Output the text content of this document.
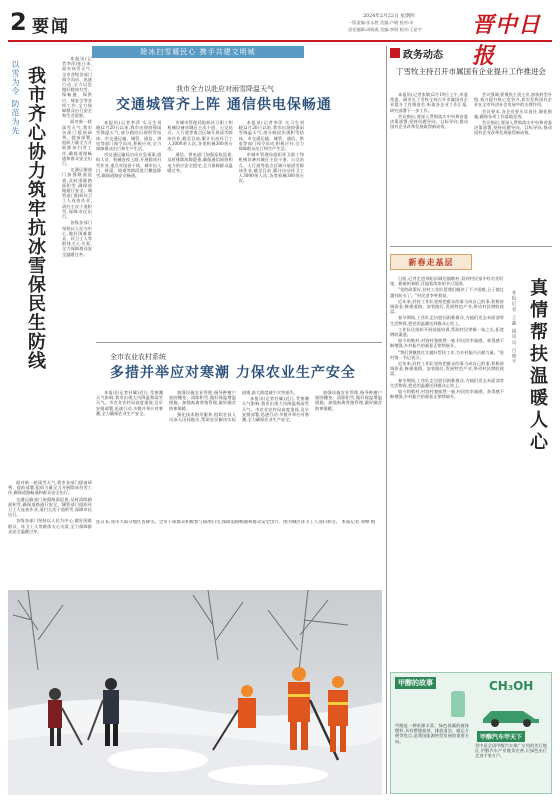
2 要闻
2024年2月22日 星期四
一版责编:张永胜 美编:卢晓 校对:宋
责任编辑:周晓燕 美编:李明 校对:王星宇 晋中日报
除冰扫雪暖民心 携手共建文明城
以雪为令 防范为先 我市齐心协力筑牢抗冰雪保民生防线

本报讯(记者李萍)连日来,面对冰雪天气,全市各级各部门闻令而动、迅速行动,全力以赴做好除冰扫雪、保畅通、保供应、保安全等各项工作,全力保障群众出行安全和生活需要。

面对新一轮雨雪天气,我市各部门提前研判、提前部署,组织力量全力开展除冰扫雪工作,确保道路畅通和群众安全出行。

交通运输部门加强路面巡查,及时清除路面积雪,确保道路通行安全。城管部门组织环卫工人连夜作业,清扫主次干道积雪,保障市民出行。

各级各部门坚持以人民为中心,做好困难群众、环卫工人等群体关心关爱,全力保障群众安全温暖过冬。

面对新一轮雨雪天气,我市各部门提前研判、提前部署,组织力量全力开展除冰扫雪工作,确保道路畅通和群众安全出行。

交通运输部门加强路面巡查,及时清除路面积雪,确保道路通行安全。城管部门组织环卫工人连夜作业,清扫主次干道积雪,保障市民出行。

各级各部门坚持以人民为中心,做好困难群众、环卫工人等群体关心关爱,全力保障群众安全温暖过冬。

我市全力以赴应对雨雪降温天气
交通城管齐上阵 通信供电保畅通

本报讯(记者李萍 实习生刘晓)2月20日以来,我市出现较强雨雪降温天气,部分路段出现积雪结冰。市交通运输、城管、通信、供电等部门闻令而动,积极应对,全力保障群众出行和生产生活。

市交通运输局启动应急预案,组织人员、机械连夜上路,开展除冰扫雪作业,重点对国省干线、城市出入口、桥梁、坡道等路段进行撒盐除雪,确保道路安全畅通。

市城市管理局组织环卫职工和机械设备对城区主次干道、公交站点、人行道等重点区域开展清雪除冰作业,截至目前,累计出动环卫工人3000余人次,各类机械300余台次。

通信、供电部门加强巡检巡查,及时排除故障隐患,确保通信网络和电力供应安全稳定,全力保障群众温暖过冬。

本报讯(记者李萍 实习生刘晓)2月20日以来,我市出现较强雨雪降温天气,部分路段出现积雪结冰。市交通运输、城管、通信、供电等部门闻令而动,积极应对,全力保障群众出行和生产生活。

市城市管理局组织环卫职工和机械设备对城区主次干道、公交站点、人行道等重点区域开展清雪除冰作业,截至目前,累计出动环卫工人3000余人次,各类机械300余台次。

全市农业农村系统
多措并举应对寒潮 力保农业生产安全

本报讯(记者杜耀)近日,受寒潮天气影响,我市出现大风降温和雨雪天气。市农业农村局高度重视,及早安排部署,迅速行动,多措并举应对寒潮,全力确保农业生产安全。

加强设施农业管理,指导种植户加固棚室、清除积雪,做好保温增温措施。加强畜禽养殖管理,做好圈舍防寒保暖。

强化技术指导服务,组织农技人员深入田间地头,帮助农民解决实际困难,最大限度减少灾害损失。

本报讯(记者杜耀)近日,受寒潮天气影响,我市出现大风降温和雨雪天气。市农业农村局高度重视,及早安排部署,迅速行动,多措并举应对寒潮,全力确保农业生产安全。

加强设施农业管理,指导种植户加固棚室、清除积雪,做好保温增温措施。加强畜禽养殖管理,做好圈舍防寒保暖。

连日来,我市大部分地区普降雪。全市干部群众积极参与除冰扫雪,保障道路畅通和群众安全出行。图为城区环卫工人清扫积雪。 本报记者 刘峰 摄
政务动态
丁雪牧主持召开市属国有企业提升工作推进会

本报讯(记者张敏)2月19日上午,市委常委、副市长丁雪牧主持召开市属国有企业提升工作推进会,听取各企业工作汇报,研究部署下一步工作。

会议指出,要深入贯彻落实中央和省委决策部署,坚持问题导向、目标导向,推动国有企业改革发展取得新成效。

会议强调,要聚焦主责主业,加快转型升级,着力提升核心竞争力,切实发挥国有企业在全市经济社会发展中的支撑作用。

会议要求,各企业要压实责任,细化措施,确保各项工作落地见效。

会议指出,要深入贯彻落实中央和省委决策部署,坚持问题导向、目标导向,推动国有企业改革发展取得新成效。

新春走基层
真情帮扶温暖人心
本报记者 王鑫 通讯员 吕俊平

日前,记者走进寿阳县城边镇敬村,看到村民家中红红的灯笼、崭新的春联,洋溢着浓浓的节日氛围。

"党的政策好,驻村工作队帮我们解决了不少困难,日子越过越有盼头了。"村民老李笑着说。

近年来,驻村工作队坚持把群众的事当成自己的事,积极协调资金,修建道路、安装路灯,发展特色产业,带动村民增收致富。

春节期间,工作队走访慰问困难群众,为他们送去米面油等生活物资,把党的温暖送到群众心坎上。

工作队还组织开展技能培训,帮助村民掌握一技之长,拓宽增收渠道。

如今的敬村,村容村貌焕然一新,村民的幸福感、获得感不断增强,乡村振兴的画卷正徐徐展开。

"我们将继续扎实做好帮扶工作,为乡村振兴贡献力量。"驻村第一书记表示。

近年来,驻村工作队坚持把群众的事当成自己的事,积极协调资金,修建道路、安装路灯,发展特色产业,带动村民增收致富。

春节期间,工作队走访慰问困难群众,为他们送去米面油等生活物资,把党的温暖送到群众心坎上。

如今的敬村,村容村貌焕然一新,村民的幸福感、获得感不断增强,乡村振兴的画卷正徐徐展开。

甲醇的故事	CH₃OH
甲醇是一种来源丰富、绿色低碳的液体燃料,具有燃烧高效、排放清洁、储运方便等优点,是我国能源转型发展的重要方向。
甲醇汽车甲天下
晋中是全国甲醇汽车推广应用的先行地区,甲醇汽车产业链条完善,让绿色出行走进千家万户。
